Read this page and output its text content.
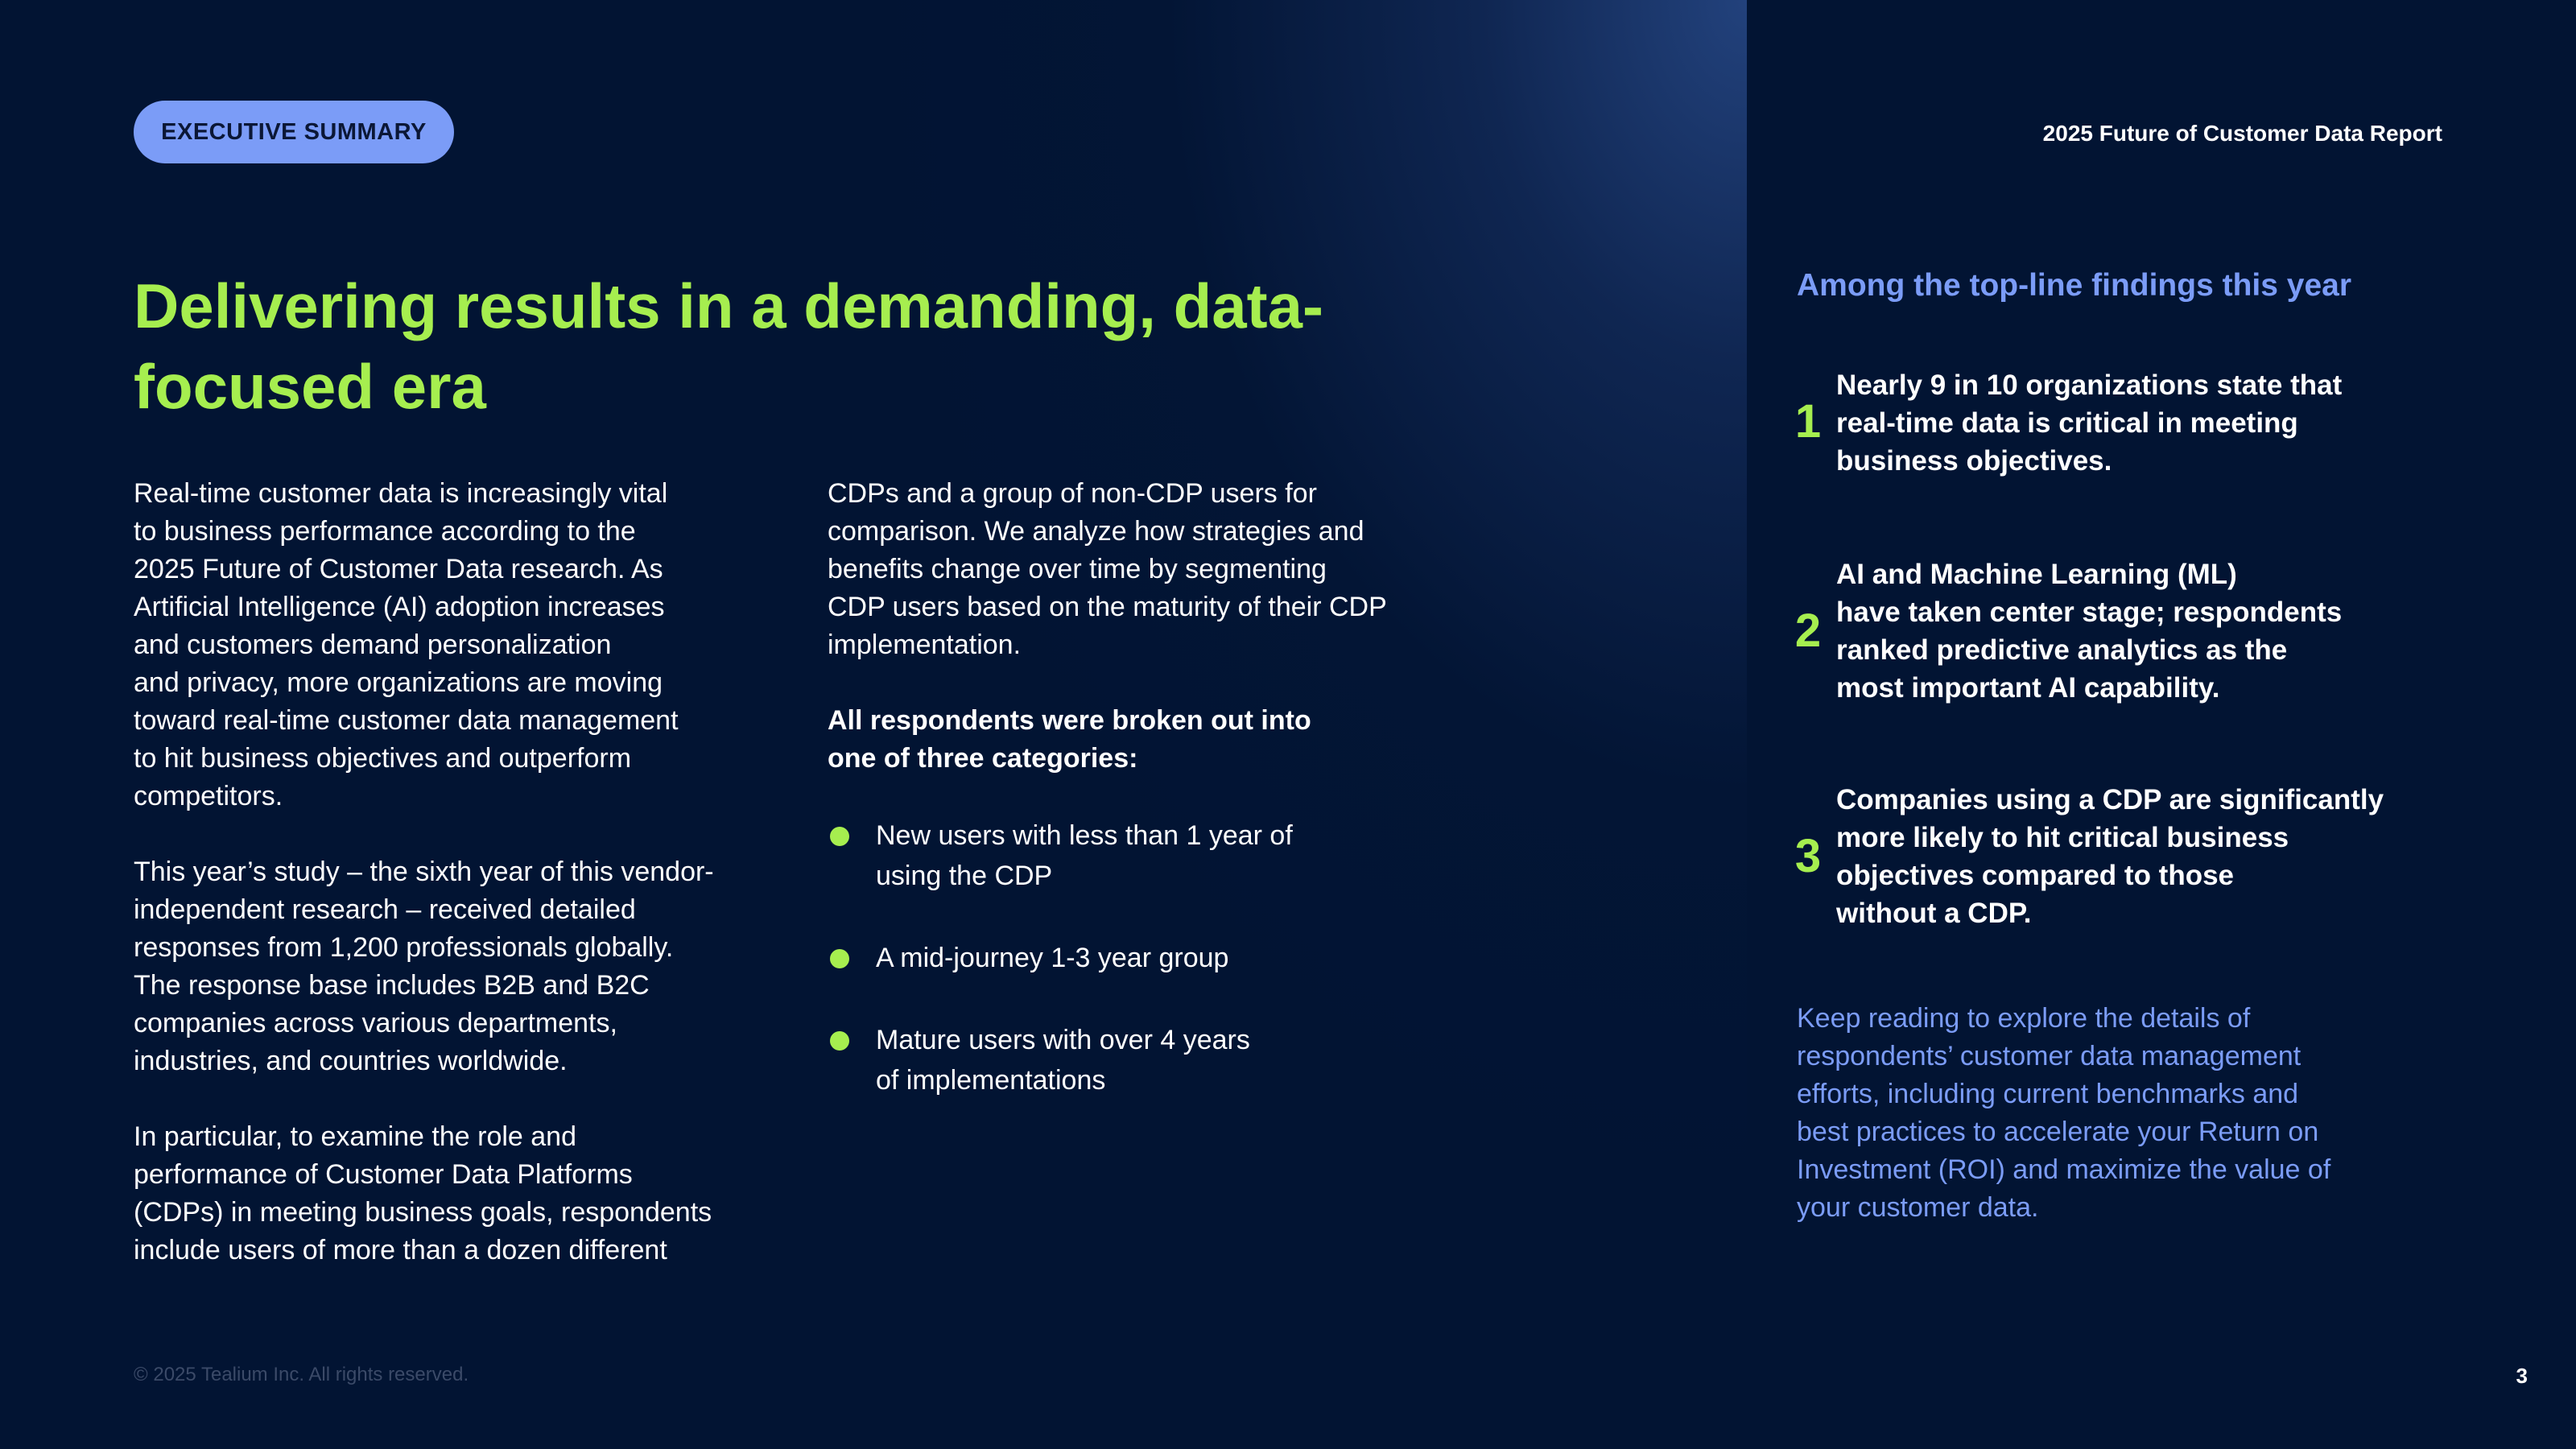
EXECUTIVE SUMMARY	2025 Future of Customer Data Report
Delivering results in a demanding, data-focused era

Real-time customer data is increasingly vital
to business performance according to the
2025 Future of Customer Data research. As
Artificial Intelligence (AI) adoption increases
and customers demand personalization
and privacy, more organizations are moving
toward real-time customer data management
to hit business objectives and outperform
competitors.

This year’s study – the sixth year of this vendor-
independent research – received detailed
responses from 1,200 professionals globally.
The response base includes B2B and B2C
companies across various departments,
industries, and countries worldwide.

In particular, to examine the role and
performance of Customer Data Platforms
(CDPs) in meeting business goals, respondents
include users of more than a dozen different

CDPs and a group of non-CDP users for
comparison. We analyze how strategies and
benefits change over time by segmenting
CDP users based on the maturity of their CDP
implementation.

All respondents were broken out into
one of three categories:

New users with less than 1 year of
using the CDP
A mid-journey 1-3 year group
Mature users with over 4 years
of implementations
Among the top-line findings this year
1
Nearly 9 in 10 organizations state that
real-time data is critical in meeting
business objectives.
2
AI and Machine Learning (ML)
have taken center stage; respondents
ranked predictive analytics as the
most important AI capability.
3
Companies using a CDP are significantly
more likely to hit critical business
objectives compared to those
without a CDP.

Keep reading to explore the details of
respondents’ customer data management
efforts, including current benchmarks and
best practices to accelerate your Return on
Investment (ROI) and maximize the value of
your customer data.

© 2025 Tealium Inc. All rights reserved.	3
